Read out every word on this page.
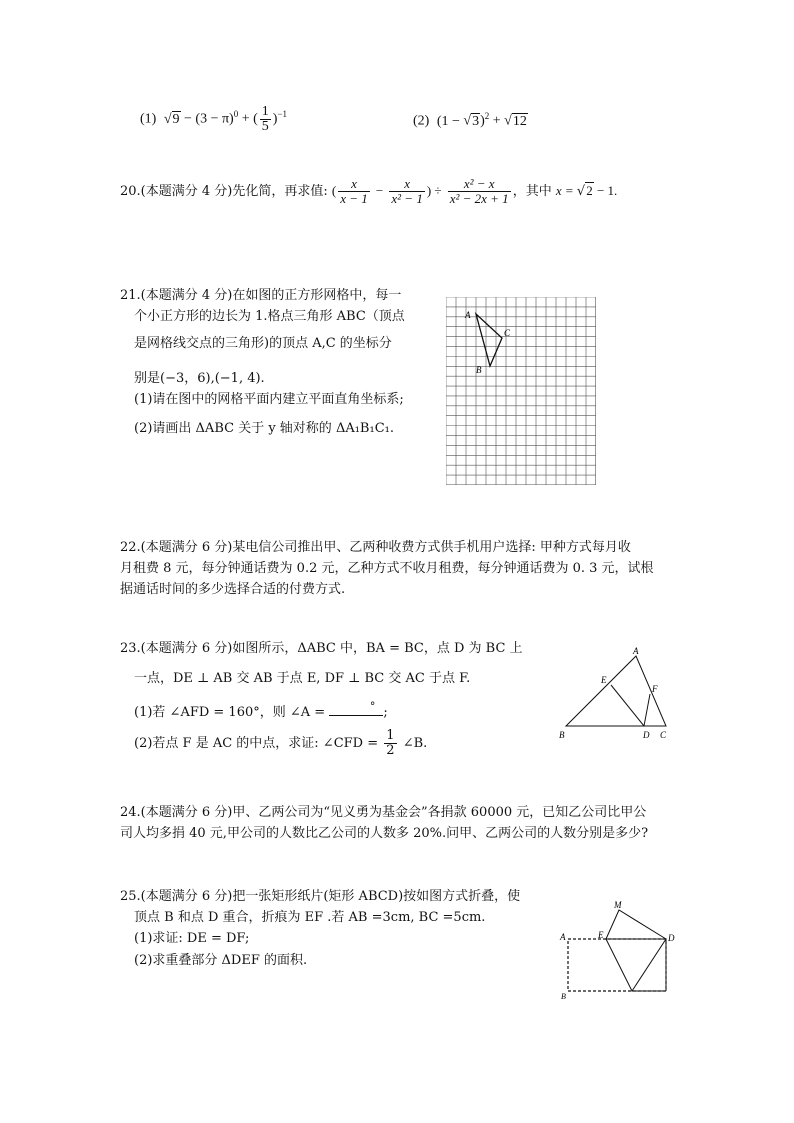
(1) $√9 - (3 - \pi)^0$ + ( $\frac{1}{5} )^{-1}$	(2) $(1 - √3)^2 + √12$
20.(本题满分 4 分)先化简，再求值: ( $\frac{x}{x - 1} - \frac{x}{\text{x² − 1}}$ ) ÷ $\frac{\text{x² − x}}{\text{x² − 2x + 1}}$ ，其中 x = √2 − 1.
21.(本题满分 4 分)在如图的正方形网格中，每一
个小正方形的边长为 1.格点三角形 ABC（顶点
是网格线交点的三角形)的顶点 A,C 的坐标分
别是(−3，6),(−1, 4).
(1)请在图中的网格平面内建立平面直角坐标系;
(2)请画出 ΔABC 关于 y 轴对称的 ΔA₁B₁C₁.
A
C
B
22.(本题满分 6 分)某电信公司推出甲、乙两种收费方式供手机用户选择: 甲种方式每月收
月租费 8 元，每分钟通话费为 0.2 元，乙种方式不收月租费，每分钟通话费为 0. 3 元，试根
据通话时间的多少选择合适的付费方式.
23.(本题满分 6 分)如图所示，ΔABC 中，BA = BC，点 D 为 BC 上
一点，DE ⊥ AB 交 AB 于点 E, DF ⊥ BC 交 AC 于点 F.
(1)若 ∠AFD = 160°，则 ∠A =	° ;
(2)若点 F 是 AC 的中点，求证: ∠CFD = $\frac{1}{2}$ ∠B.
A
E
F
B	D C
24.(本题满分 6 分)甲、乙两公司为“见义勇为基金会”各捐款 60000 元，已知乙公司比甲公
司人均多捐 40 元,甲公司的人数比乙公司的人数多 20%.问甲、乙两公司的人数分别是多少?
25.(本题满分 6 分)把一张矩形纸片(矩形 ABCD)按如图方式折叠，使
顶点 B 和点 D 重合，折痕为 EF .若 AB =3cm, BC =5cm.
(1)求证: DE = DF;
(2)求重叠部分 ΔDEF 的面积.
M
A	E	D
B
